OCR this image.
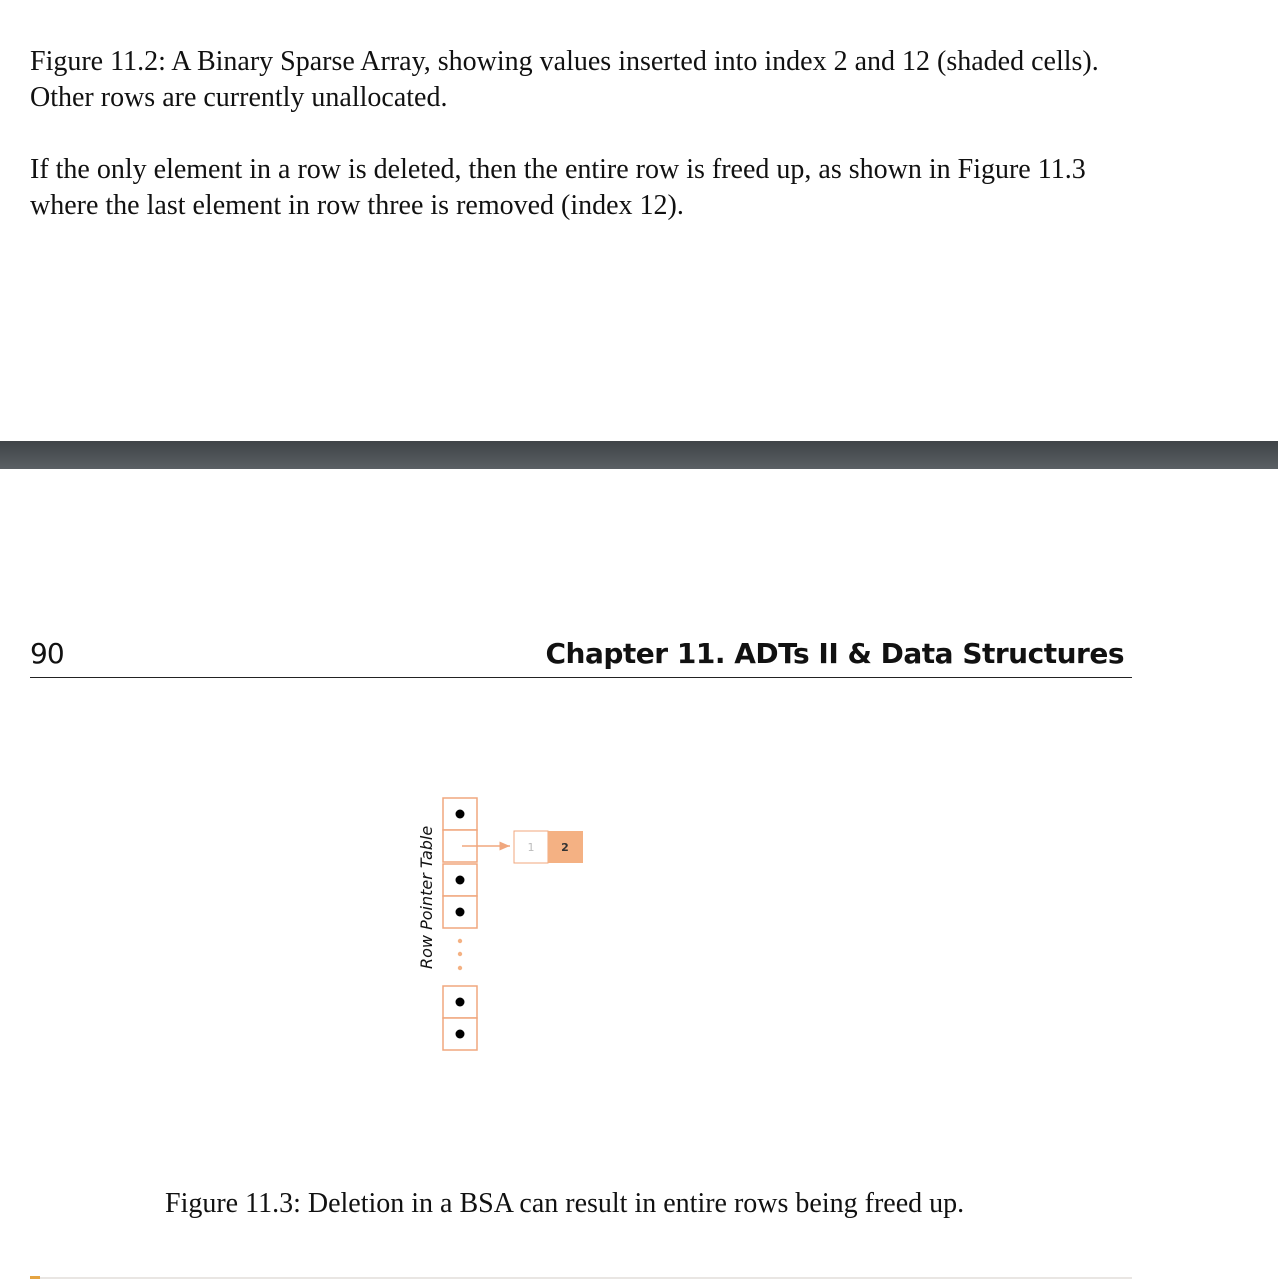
Figure 11.2: A Binary Sparse Array, showing values inserted into index 2 and 12 (shaded cells). Other rows are currently unallocated.

If the only element in a row is deleted, then the entire row is freed up, as shown in Figure 11.3 where the last element in row three is removed (index 12).

90	Chapter 11. ADTs II & Data Structures
Row Pointer Table	1 2

Figure 11.3: Deletion in a BSA can result in entire rows being freed up.
